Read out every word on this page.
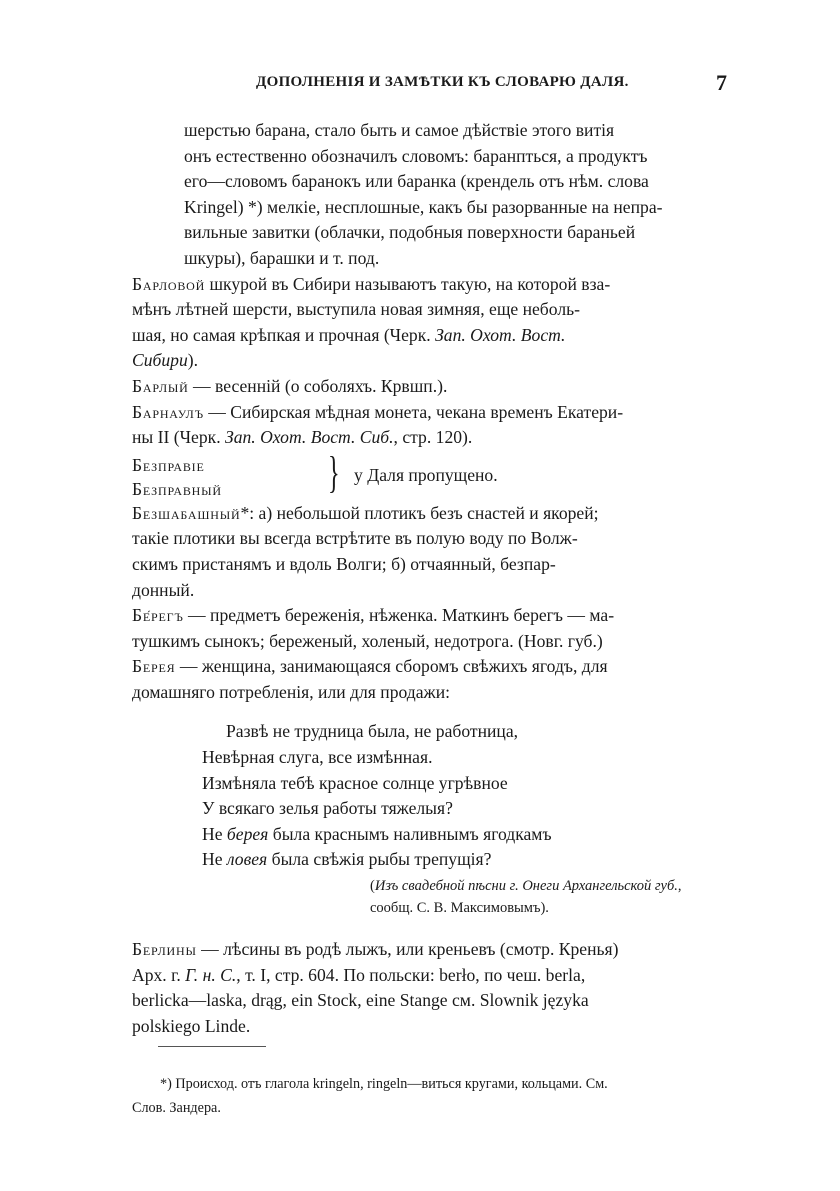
ДОПОЛНЕНІЯ И ЗАМѢТКИ КЪ СЛОВАРЮ ДАЛЯ.	7
шерстью барана, стало быть и самое дѣйствіе этого витія
онъ естественно обозначилъ словомъ: баранпться, а продуктъ
его—словомъ баранокъ или баранка (крендель отъ нѣм. слова
Kringel) *) мелкіе, несплошные, какъ бы разорванные на непра-
вильные завитки (облачки, подобныя поверхности бараньей
шкуры), барашки и т. под.
Барловой шкурой въ Сибири называютъ такую, на которой вза-
мѣнъ лѣтней шерсти, выступила новая зимняя, еще неболь-
шая, но самая крѣпкая и прочная (Черк. Зап. Охот. Вост.
Сибири).
Барлый — весенній (о соболяхъ. Крвшп.).
Барнаулъ — Сибирская мѣдная монета, чекана временъ Екатери-
ны II (Черк. Зап. Охот. Вост. Сиб., стр. 120).
Безправіе
Безправный } у Даля пропущено.
Безшабашный*: а) небольшой плотикъ безъ снастей и якорей;
такіе плотики вы всегда встрѣтите въ полую воду по Волж-
скимъ пристанямъ и вдоль Волги; б) отчаянный, безпар-
донный.
Бе́регъ — предметъ береженія, нѣженка. Маткинъ берегъ — ма-
тушкимъ сынокъ; береженый, холеный, недотрога. (Новг. губ.)
Берея — женщина, занимающаяся сборомъ свѣжихъ ягодъ, для
домашняго потребленія, или для продажи:
Развѣ не трудница была, не работница,
Невѣрная слуга, все измѣнная.
Измѣняла тебѣ красное солнце угрѣвное
У всякаго зелья работы тяжелыя?
Не берея была краснымъ наливнымъ ягодкамъ
Не ловея была свѣжія рыбы трепущія?
(Изъ свадебной пѣсни г. Онеги Архангельской губ.,
сообщ. С. В. Максимовымъ).
Берлины — лѣсины въ родѣ лыжъ, или креньевъ (смотр. Кренья)
Арх. г. Г. н. С., т. I, стр. 604. По польски: berło, по чеш. berla,
berlicka—laska, drąg, ein Stock, eine Stange см. Slownik języka
polskiego Linde.
*) Происход. отъ глагола kringeln, ringeln—виться кругами, кольцами. См.
Слов. Зандера.
